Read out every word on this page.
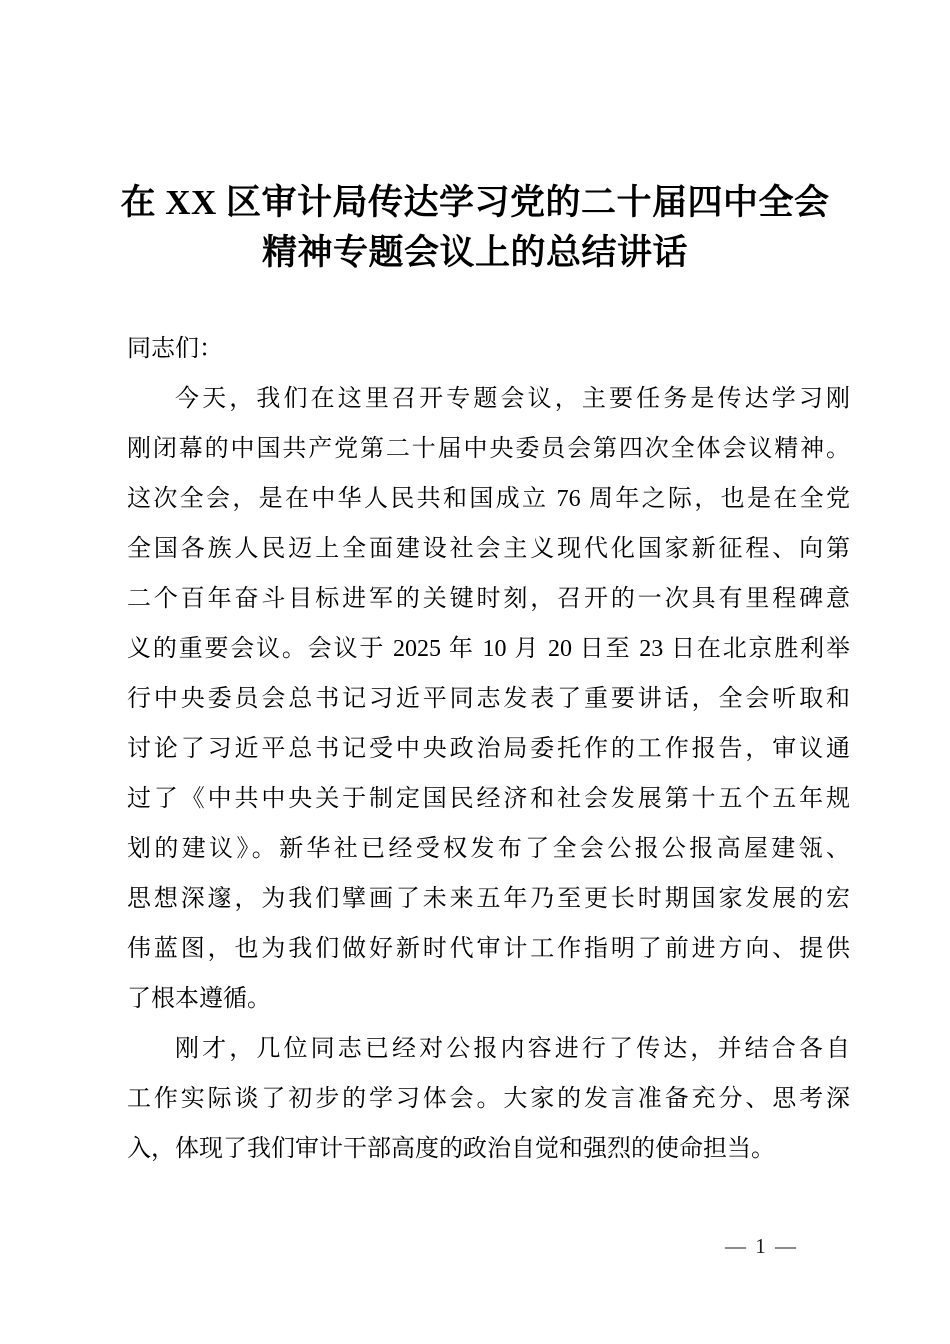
在 XX 区审计局传达学习党的二十届四中全会
精神专题会议上的总结讲话
同志们：
今天，我们在这里召开专题会议，主要任务是传达学习刚
刚闭幕的中国共产党第二十届中央委员会第四次全体会议精神。
这次全会，是在中华人民共和国成立 76 周年之际，也是在全党
全国各族人民迈上全面建设社会主义现代化国家新征程、向第
二个百年奋斗目标进军的关键时刻，召开的一次具有里程碑意
义的重要会议。会议于 2025 年 10 月 20 日至 23 日在北京胜利举
行中央委员会总书记习近平同志发表了重要讲话，全会听取和
讨论了习近平总书记受中央政治局委托作的工作报告，审议通
过了《中共中央关于制定国民经济和社会发展第十五个五年规
划的建议》。新华社已经受权发布了全会公报公报高屋建瓴、
思想深邃，为我们擘画了未来五年乃至更长时期国家发展的宏
伟蓝图，也为我们做好新时代审计工作指明了前进方向、提供
了根本遵循。
刚才，几位同志已经对公报内容进行了传达，并结合各自
工作实际谈了初步的学习体会。大家的发言准备充分、思考深
入，体现了我们审计干部高度的政治自觉和强烈的使命担当。
— 1 —
